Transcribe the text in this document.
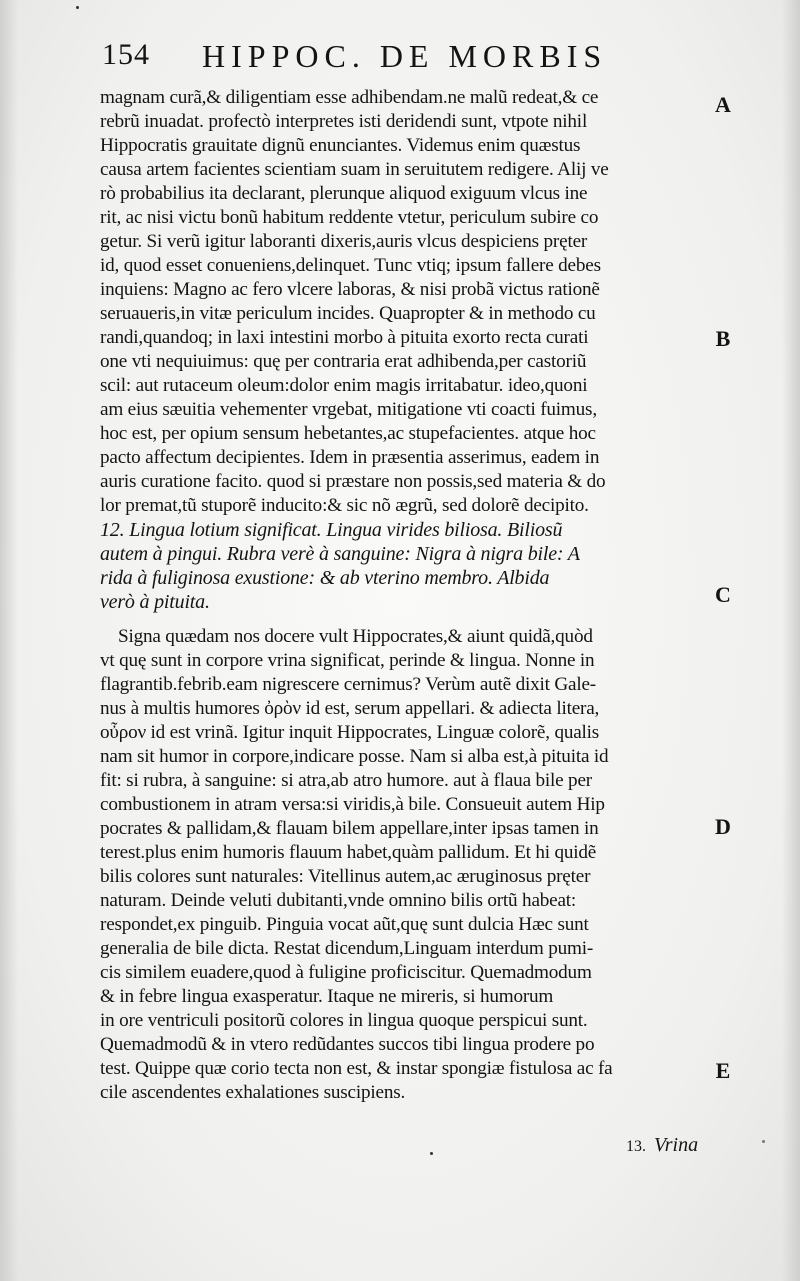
154 HIPPOC. DE MORBIS
magnam curã,& diligentiam esse adhibendam.ne malũ redeat,& ce
rebrũ inuadat. profectò interpretes isti deridendi sunt, vtpote nihil
Hippocratis grauitate dignũ enunciantes. Videmus enim quæstus
causa artem facientes scientiam suam in seruitutem redigere. Alij ve
rò probabilius ita declarant, plerunque aliquod exiguum vlcus ine
rit, ac nisi victu bonũ habitum reddente vtetur, periculum subire co
getur. Si verũ igitur laboranti dixeris,auris vlcus despiciens pręter
id, quod esset conueniens,delinquet. Tunc vtiq; ipsum fallere debes
inquiens: Magno ac fero vlcere laboras, & nisi probã victus rationẽ
seruaueris,in vitæ periculum incides. Quapropter & in methodo cu
randi,quandoq; in laxi intestini morbo à pituita exorto recta curati
one vti nequiuimus: quę per contraria erat adhibenda,per castoriũ
scil: aut rutaceum oleum:dolor enim magis irritabatur. ideo,quoni
am eius sæuitia vehementer vrgebat, mitigatione vti coacti fuimus,
hoc est, per opium sensum hebetantes,ac stupefacientes. atque hoc
pacto affectum decipientes. Idem in præsentia asserimus, eadem in
auris curatione facito. quod si præstare non possis,sed materia & do
lor premat,tũ stuporẽ inducito:& sic nõ ægrũ, sed dolorẽ decipito.
12. Lingua lotium significat. Lingua virides biliosa. Biliosũ
autem à pingui. Rubra verè à sanguine: Nigra à nigra bile: A
rida à fuliginosa exustione: & ab vterino membro. Albida
verò à pituita.
Signa quædam nos docere vult Hippocrates,& aiunt quidã,quòd
vt quę sunt in corpore vrina significat, perinde & lingua. Nonne in
flagrantib.febrib.eam nigrescere cernimus? Verùm autẽ dixit Gale-
nus à multis humores ὀρὸν id est, serum appellari. & adiecta litera,
οὖρον id est vrinã. Igitur inquit Hippocrates, Linguæ colorẽ, qualis
nam sit humor in corpore,indicare posse. Nam si alba est,à pituita id
fit: si rubra, à sanguine: si atra,ab atro humore. aut à flaua bile per
combustionem in atram versa:si viridis,à bile. Consueuit autem Hip
pocrates & pallidam,& flauam bilem appellare,inter ipsas tamen in
terest.plus enim humoris flauum habet,quàm pallidum. Et hi quidẽ
bilis colores sunt naturales: Vitellinus autem,ac æruginosus pręter
naturam. Deinde veluti dubitanti,vnde omnino bilis ortũ habeat:
respondet,ex pinguib. Pinguia vocat aũt,quę sunt dulcia Hæc sunt
generalia de bile dicta. Restat dicendum,Linguam interdum pumi-
cis similem euadere,quod à fuligine proficiscitur. Quemadmodum
& in febre lingua exasperatur. Itaque ne mireris, si humorum
in ore ventriculi positorũ colores in lingua quoque perspicui sunt.
Quemadmodũ & in vtero redũdantes succos tibi lingua prodere po
test. Quippe quæ corio tecta non est, & instar spongiæ fistulosa ac fa
cile ascendentes exhalationes suscipiens.
A
B
C
D
E
13. Vrina
